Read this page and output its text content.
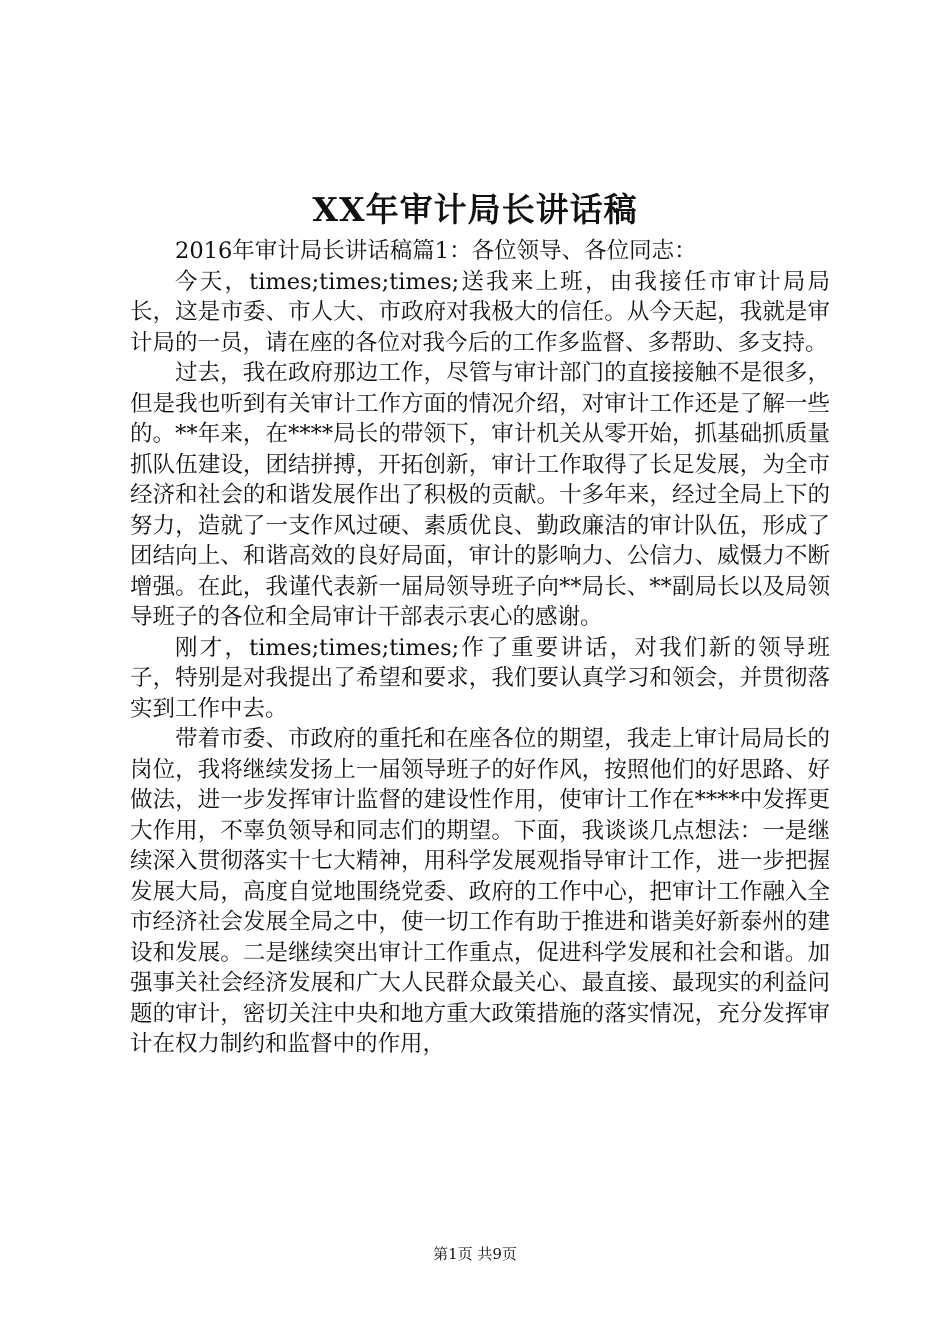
XX年审计局长讲话稿

2016年审计局长讲话稿篇1：各位领导、各位同志：

今天，times;times;times;送我来上班，由我接任市审计局局长，这是市委、市人大、市政府对我极大的信任。从今天起，我就是审计局的一员，请在座的各位对我今后的工作多监督、多帮助、多支持。

过去，我在政府那边工作，尽管与审计部门的直接接触不是很多，但是我也听到有关审计工作方面的情况介绍，对审计工作还是了解一些的。**年来，在****局长的带领下，审计机关从零开始，抓基础抓质量抓队伍建设，团结拼搏，开拓创新，审计工作取得了长足发展，为全市经济和社会的和谐发展作出了积极的贡献。十多年来，经过全局上下的努力，造就了一支作风过硬、素质优良、勤政廉洁的审计队伍，形成了团结向上、和谐高效的良好局面，审计的影响力、公信力、威慑力不断增强。在此，我谨代表新一届局领导班子向**局长、**副局长以及局领导班子的各位和全局审计干部表示衷心的感谢。

刚才，times;times;times;作了重要讲话，对我们新的领导班子，特别是对我提出了希望和要求，我们要认真学习和领会，并贯彻落实到工作中去。

带着市委、市政府的重托和在座各位的期望，我走上审计局局长的岗位，我将继续发扬上一届领导班子的好作风，按照他们的好思路、好做法，进一步发挥审计监督的建设性作用，使审计工作在****中发挥更大作用，不辜负领导和同志们的期望。下面，我谈谈几点想法：一是继续深入贯彻落实十七大精神，用科学发展观指导审计工作，进一步把握发展大局，高度自觉地围绕党委、政府的工作中心，把审计工作融入全市经济社会发展全局之中，使一切工作有助于推进和谐美好新泰州的建设和发展。二是继续突出审计工作重点，促进科学发展和社会和谐。加强事关社会经济发展和广大人民群众最关心、最直接、最现实的利益问题的审计，密切关注中央和地方重大政策措施的落实情况，充分发挥审计在权力制约和监督中的作用，

第1页 共9页
